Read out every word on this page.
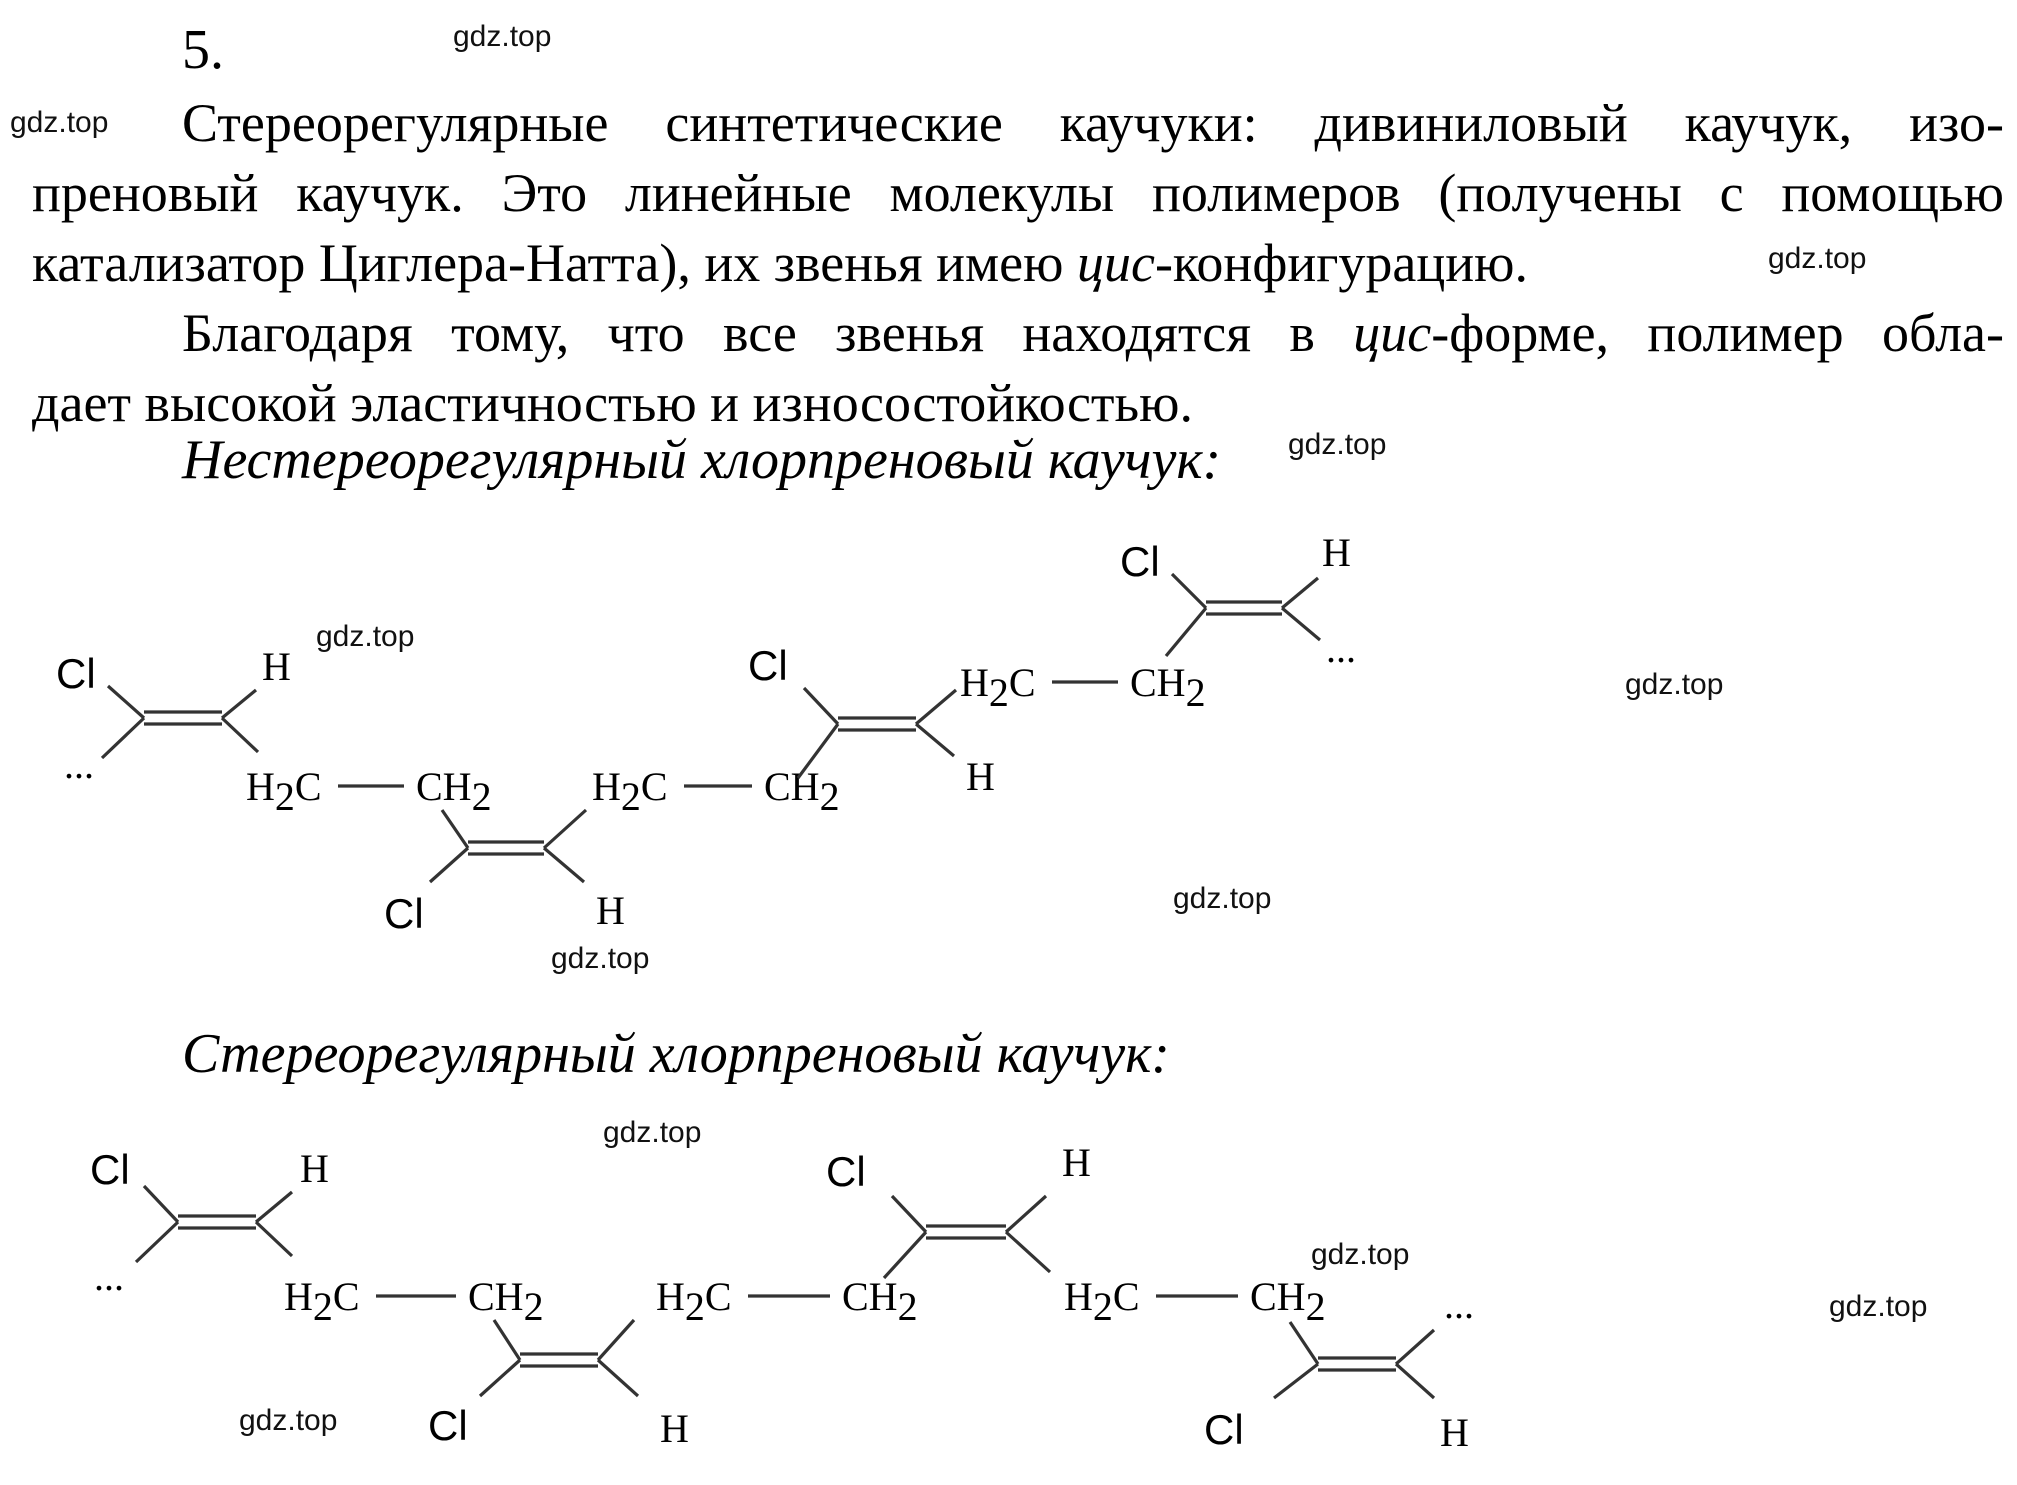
5.
Стереорегулярные синтетические каучуки: дивиниловый каучук, изо-
преновый каучук. Это линейные молекулы полимеров (получены с помощью
катализатор Циглера-Натта), их звенья имею цис-конфигурацию.
Благодаря тому, что все звенья находятся в цис-форме, полимер обла-
дает высокой эластичностью и износостойкостью.
Нестереорегулярный хлорпреновый каучук:
Стереорегулярный хлорпреновый каучук:
gdz.top
gdz.top
gdz.top
gdz.top
gdz.top
gdz.top
gdz.top
gdz.top
gdz.top
gdz.top
gdz.top
gdz.top
...
Cl	H
H2C CH2
Cl	H
H2C CH2
Cl
H
H2C CH2
Cl	H
...
...
Cl	H
H2C	CH2
Cl	H
H2C	CH2
Cl	H
H2C	CH2
Cl	H
...
